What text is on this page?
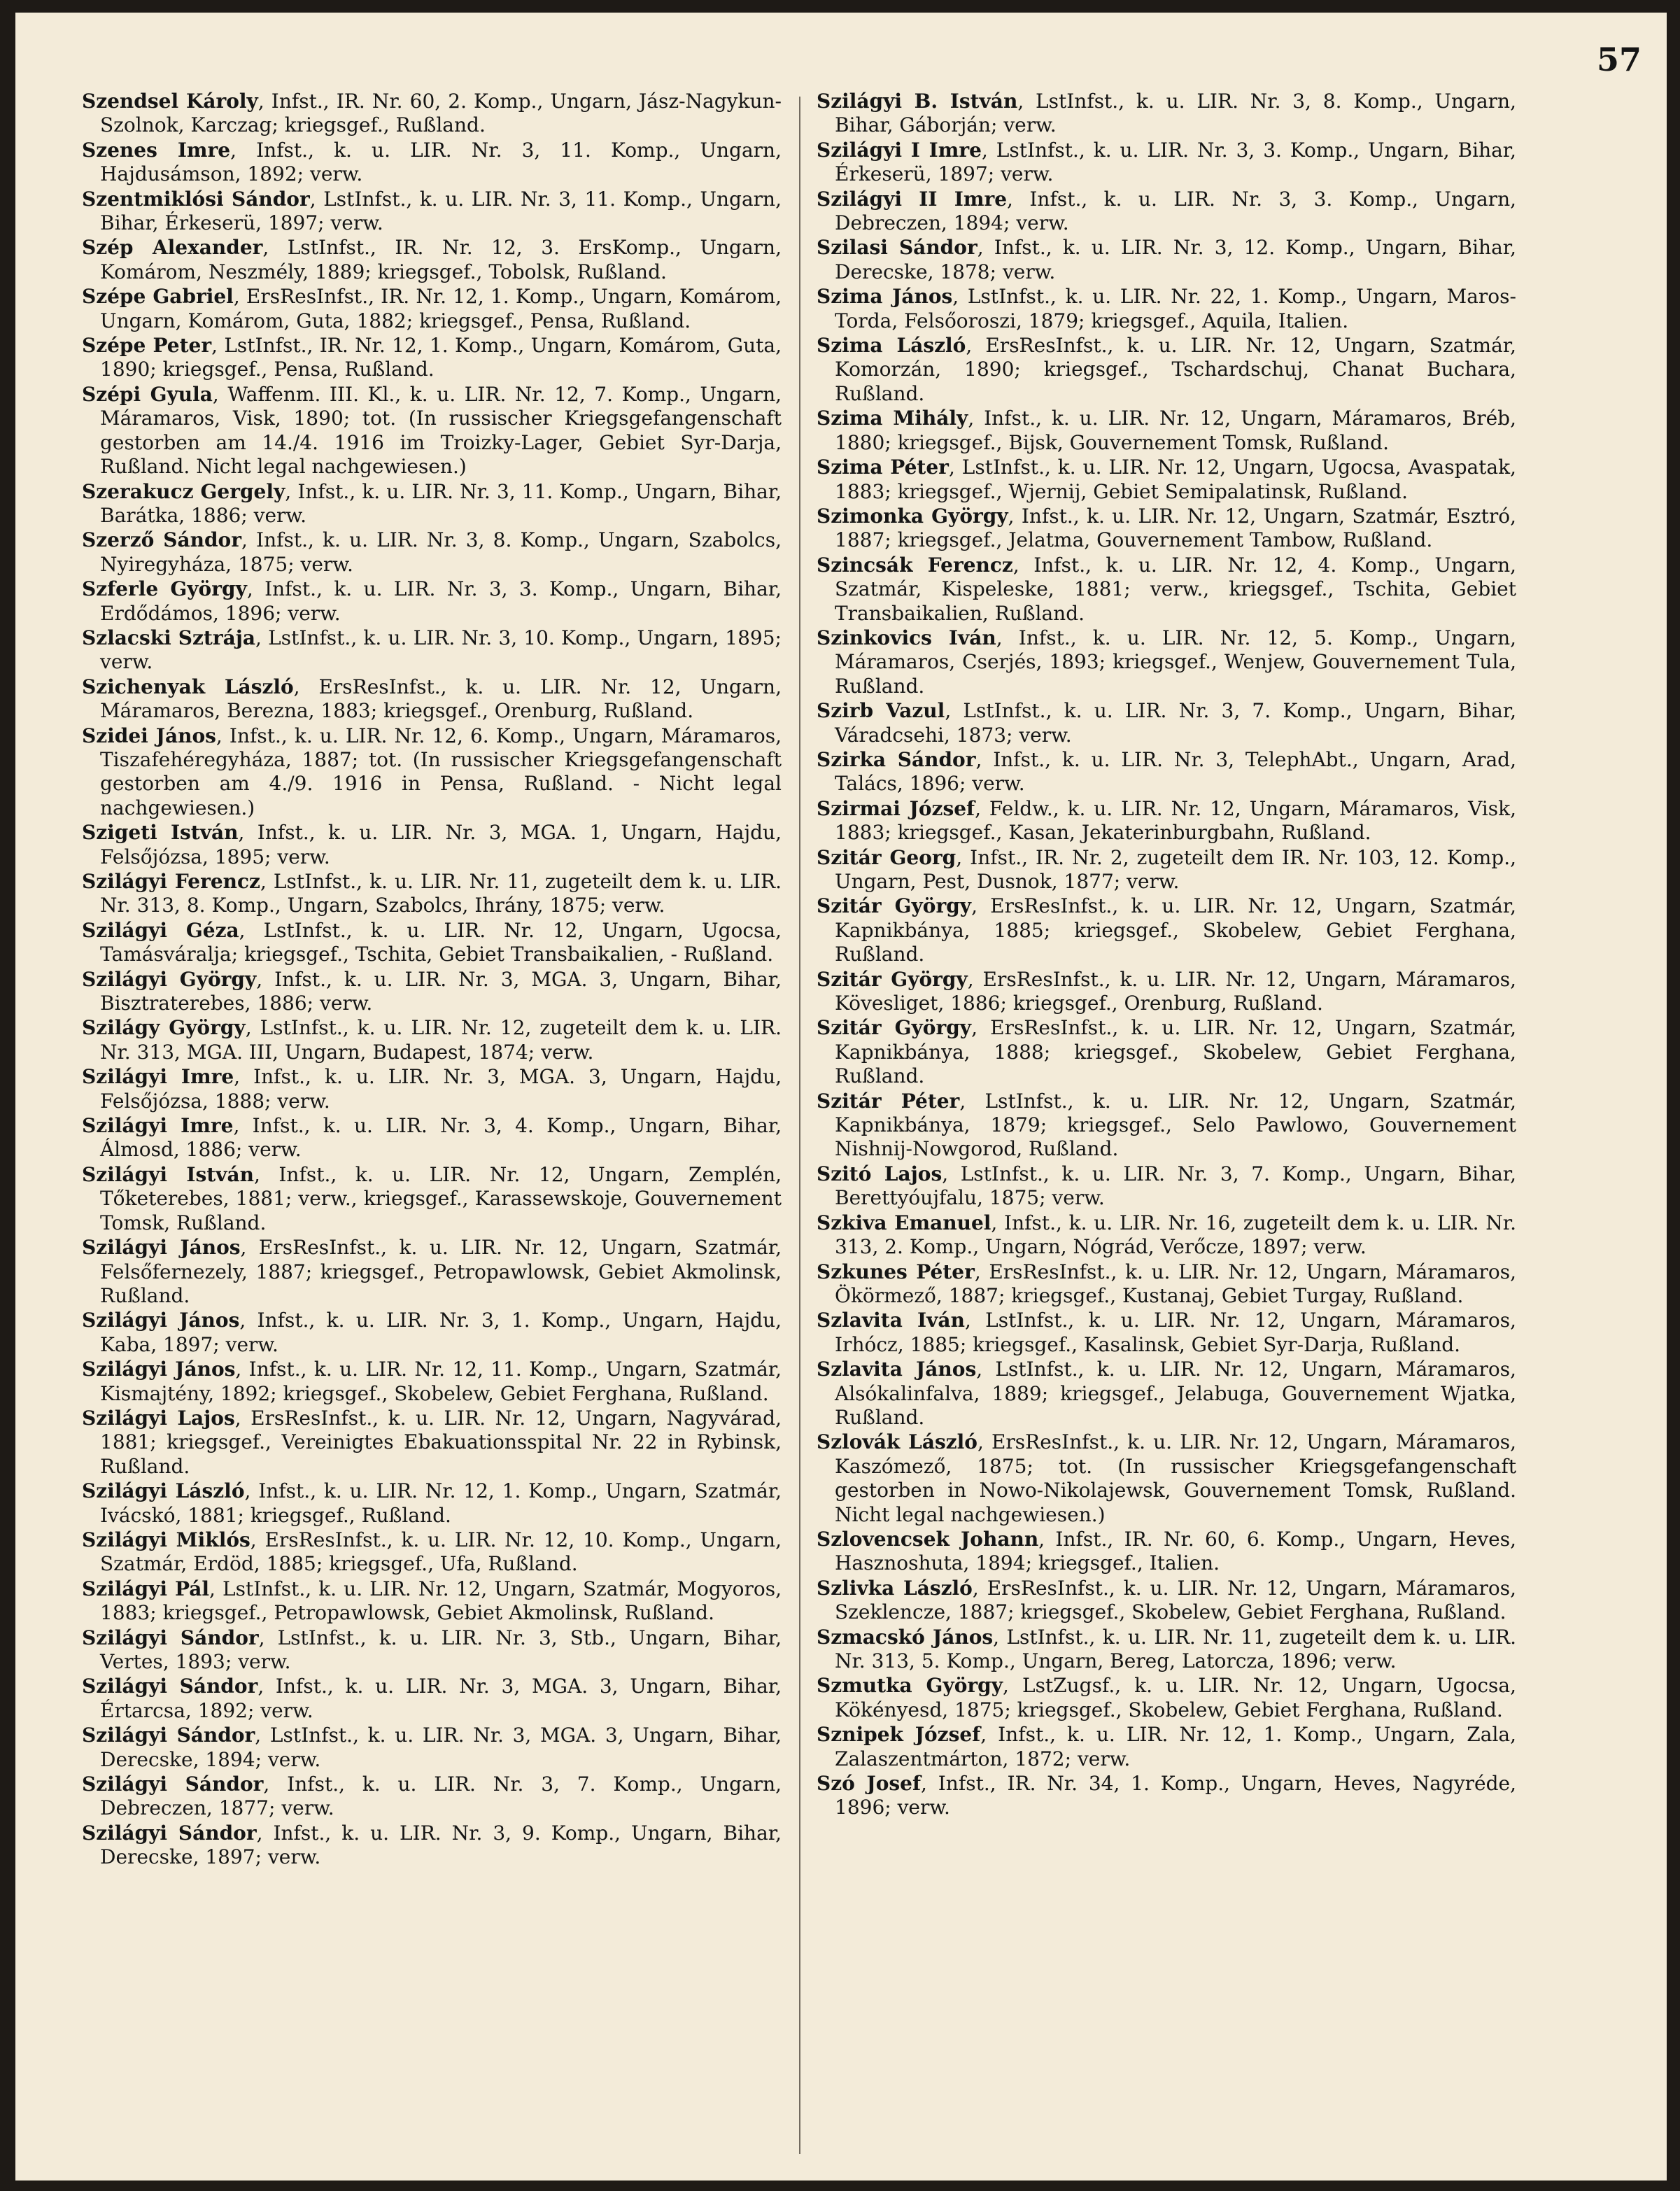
57

Szendsel Károly, Infst., IR. Nr. 60, 2. Komp., Ungarn, Jász-Nagykun-Szolnok, Karczag; kriegsgef., Rußland.

Szenes Imre, Infst., k. u. LIR. Nr. 3, 11. Komp., Ungarn, Hajdusámson, 1892; verw.

Szentmiklósi Sándor, LstInfst., k. u. LIR. Nr. 3, 11. Komp., Ungarn, Bihar, Érkeserü, 1897; verw.

Szép Alexander, LstInfst., IR. Nr. 12, 3. ErsKomp., Ungarn, Komárom, Neszmély, 1889; kriegsgef., Tobolsk, Rußland.

Szépe Gabriel, ErsResInfst., IR. Nr. 12, 1. Komp., Ungarn, Komárom, Ungarn, Komárom, Guta, 1882; kriegsgef., Pensa, Rußland.

Szépe Peter, LstInfst., IR. Nr. 12, 1. Komp., Ungarn, Komárom, Guta, 1890; kriegsgef., Pensa, Rußland.

Szépi Gyula, Waffenm. III. Kl., k. u. LIR. Nr. 12, 7. Komp., Ungarn, Máramaros, Visk, 1890; tot. (In russischer Kriegsgefangenschaft gestorben am 14./4. 1916 im Troizky-Lager, Gebiet Syr-Darja, Rußland. Nicht legal nachgewiesen.)

Szerakucz Gergely, Infst., k. u. LIR. Nr. 3, 11. Komp., Ungarn, Bihar, Barátka, 1886; verw.

Szerző Sándor, Infst., k. u. LIR. Nr. 3, 8. Komp., Ungarn, Szabolcs, Nyiregyháza, 1875; verw.

Szferle György, Infst., k. u. LIR. Nr. 3, 3. Komp., Ungarn, Bihar, Erdődámos, 1896; verw.

Szlacski Sztrája, LstInfst., k. u. LIR. Nr. 3, 10. Komp., Ungarn, 1895; verw.

Szichenyak László, ErsResInfst., k. u. LIR. Nr. 12, Ungarn, Máramaros, Berezna, 1883; kriegsgef., Orenburg, Rußland.

Szidei János, Infst., k. u. LIR. Nr. 12, 6. Komp., Ungarn, Máramaros, Tiszafehéregyháza, 1887; tot. (In russischer Kriegsgefangenschaft gestorben am 4./9. 1916 in Pensa, Rußland. - Nicht legal nachgewiesen.)

Szigeti István, Infst., k. u. LIR. Nr. 3, MGA. 1, Ungarn, Hajdu, Felsőjózsa, 1895; verw.

Szilágyi Ferencz, LstInfst., k. u. LIR. Nr. 11, zugeteilt dem k. u. LIR. Nr. 313, 8. Komp., Ungarn, Szabolcs, Ihrány, 1875; verw.

Szilágyi Géza, LstInfst., k. u. LIR. Nr. 12, Ungarn, Ugocsa, Tamásváralja; kriegsgef., Tschita, Gebiet Transbaikalien, - Rußland.

Szilágyi György, Infst., k. u. LIR. Nr. 3, MGA. 3, Ungarn, Bihar, Bisztraterebes, 1886; verw.

Szilágy György, LstInfst., k. u. LIR. Nr. 12, zugeteilt dem k. u. LIR. Nr. 313, MGA. III, Ungarn, Budapest, 1874; verw.

Szilágyi Imre, Infst., k. u. LIR. Nr. 3, MGA. 3, Ungarn, Hajdu, Felsőjózsa, 1888; verw.

Szilágyi Imre, Infst., k. u. LIR. Nr. 3, 4. Komp., Ungarn, Bihar, Álmosd, 1886; verw.

Szilágyi István, Infst., k. u. LIR. Nr. 12, Ungarn, Zemplén, Tőketerebes, 1881; verw., kriegsgef., Karassewskoje, Gouvernement Tomsk, Rußland.

Szilágyi János, ErsResInfst., k. u. LIR. Nr. 12, Ungarn, Szatmár, Felsőfernezely, 1887; kriegsgef., Petropawlowsk, Gebiet Akmolinsk, Rußland.

Szilágyi János, Infst., k. u. LIR. Nr. 3, 1. Komp., Ungarn, Hajdu, Kaba, 1897; verw.

Szilágyi János, Infst., k. u. LIR. Nr. 12, 11. Komp., Ungarn, Szatmár, Kismajtény, 1892; kriegsgef., Skobelew, Gebiet Ferghana, Rußland.

Szilágyi Lajos, ErsResInfst., k. u. LIR. Nr. 12, Ungarn, Nagyvárad, 1881; kriegsgef., Vereinigtes Ebakuationsspital Nr. 22 in Rybinsk, Rußland.

Szilágyi László, Infst., k. u. LIR. Nr. 12, 1. Komp., Ungarn, Szatmár, Ivácskó, 1881; kriegsgef., Rußland.

Szilágyi Miklós, ErsResInfst., k. u. LIR. Nr. 12, 10. Komp., Ungarn, Szatmár, Erdöd, 1885; kriegsgef., Ufa, Rußland.

Szilágyi Pál, LstInfst., k. u. LIR. Nr. 12, Ungarn, Szatmár, Mogyoros, 1883; kriegsgef., Petropawlowsk, Gebiet Akmolinsk, Rußland.

Szilágyi Sándor, LstInfst., k. u. LIR. Nr. 3, Stb., Ungarn, Bihar, Vertes, 1893; verw.

Szilágyi Sándor, Infst., k. u. LIR. Nr. 3, MGA. 3, Ungarn, Bihar, Értarcsa, 1892; verw.

Szilágyi Sándor, LstInfst., k. u. LIR. Nr. 3, MGA. 3, Ungarn, Bihar, Derecske, 1894; verw.

Szilágyi Sándor, Infst., k. u. LIR. Nr. 3, 7. Komp., Ungarn, Debreczen, 1877; verw.

Szilágyi Sándor, Infst., k. u. LIR. Nr. 3, 9. Komp., Ungarn, Bihar, Derecske, 1897; verw.

Szilágyi B. István, LstInfst., k. u. LIR. Nr. 3, 8. Komp., Ungarn, Bihar, Gáborján; verw.

Szilágyi I Imre, LstInfst., k. u. LIR. Nr. 3, 3. Komp., Ungarn, Bihar, Érkeserü, 1897; verw.

Szilágyi II Imre, Infst., k. u. LIR. Nr. 3, 3. Komp., Ungarn, Debreczen, 1894; verw.

Szilasi Sándor, Infst., k. u. LIR. Nr. 3, 12. Komp., Ungarn, Bihar, Derecske, 1878; verw.

Szima János, LstInfst., k. u. LIR. Nr. 22, 1. Komp., Ungarn, Maros-Torda, Felsőoroszi, 1879; kriegsgef., Aquila, Italien.

Szima László, ErsResInfst., k. u. LIR. Nr. 12, Ungarn, Szatmár, Komorzán, 1890; kriegsgef., Tschardschuj, Chanat Buchara, Rußland.

Szima Mihály, Infst., k. u. LIR. Nr. 12, Ungarn, Máramaros, Bréb, 1880; kriegsgef., Bijsk, Gouvernement Tomsk, Rußland.

Szima Péter, LstInfst., k. u. LIR. Nr. 12, Ungarn, Ugocsa, Avaspatak, 1883; kriegsgef., Wjernij, Gebiet Semipalatinsk, Rußland.

Szimonka György, Infst., k. u. LIR. Nr. 12, Ungarn, Szatmár, Esztró, 1887; kriegsgef., Jelatma, Gouvernement Tambow, Rußland.

Szincsák Ferencz, Infst., k. u. LIR. Nr. 12, 4. Komp., Ungarn, Szatmár, Kispeleske, 1881; verw., kriegsgef., Tschita, Gebiet Transbaikalien, Rußland.

Szinkovics Iván, Infst., k. u. LIR. Nr. 12, 5. Komp., Ungarn, Máramaros, Cserjés, 1893; kriegsgef., Wenjew, Gouvernement Tula, Rußland.

Szirb Vazul, LstInfst., k. u. LIR. Nr. 3, 7. Komp., Ungarn, Bihar, Váradcsehi, 1873; verw.

Szirka Sándor, Infst., k. u. LIR. Nr. 3, TelephAbt., Ungarn, Arad, Talács, 1896; verw.

Szirmai József, Feldw., k. u. LIR. Nr. 12, Ungarn, Máramaros, Visk, 1883; kriegsgef., Kasan, Jekaterinburgbahn, Rußland.

Szitár Georg, Infst., IR. Nr. 2, zugeteilt dem IR. Nr. 103, 12. Komp., Ungarn, Pest, Dusnok, 1877; verw.

Szitár György, ErsResInfst., k. u. LIR. Nr. 12, Ungarn, Szatmár, Kapnikbánya, 1885; kriegsgef., Skobelew, Gebiet Ferghana, Rußland.

Szitár György, ErsResInfst., k. u. LIR. Nr. 12, Ungarn, Máramaros, Kövesliget, 1886; kriegsgef., Orenburg, Rußland.

Szitár György, ErsResInfst., k. u. LIR. Nr. 12, Ungarn, Szatmár, Kapnikbánya, 1888; kriegsgef., Skobelew, Gebiet Ferghana, Rußland.

Szitár Péter, LstInfst., k. u. LIR. Nr. 12, Ungarn, Szatmár, Kapnikbánya, 1879; kriegsgef., Selo Pawlowo, Gouvernement Nishnij-Nowgorod, Rußland.

Szitó Lajos, LstInfst., k. u. LIR. Nr. 3, 7. Komp., Ungarn, Bihar, Berettyóujfalu, 1875; verw.

Szkiva Emanuel, Infst., k. u. LIR. Nr. 16, zugeteilt dem k. u. LIR. Nr. 313, 2. Komp., Ungarn, Nógrád, Verőcze, 1897; verw.

Szkunes Péter, ErsResInfst., k. u. LIR. Nr. 12, Ungarn, Máramaros, Ökörmező, 1887; kriegsgef., Kustanaj, Gebiet Turgay, Rußland.

Szlavita Iván, LstInfst., k. u. LIR. Nr. 12, Ungarn, Máramaros, Irhócz, 1885; kriegsgef., Kasalinsk, Gebiet Syr-Darja, Rußland.

Szlavita János, LstInfst., k. u. LIR. Nr. 12, Ungarn, Máramaros, Alsókalinfalva, 1889; kriegsgef., Jelabuga, Gouvernement Wjatka, Rußland.

Szlovák László, ErsResInfst., k. u. LIR. Nr. 12, Ungarn, Máramaros, Kaszómező, 1875; tot. (In russischer Kriegsgefangenschaft gestorben in Nowo-Nikolajewsk, Gouvernement Tomsk, Rußland. Nicht legal nachgewiesen.)

Szlovencsek Johann, Infst., IR. Nr. 60, 6. Komp., Ungarn, Heves, Hasznoshuta, 1894; kriegsgef., Italien.

Szlivka László, ErsResInfst., k. u. LIR. Nr. 12, Ungarn, Máramaros, Szeklencze, 1887; kriegsgef., Skobelew, Gebiet Ferghana, Rußland.

Szmacskó János, LstInfst., k. u. LIR. Nr. 11, zugeteilt dem k. u. LIR. Nr. 313, 5. Komp., Ungarn, Bereg, Latorcza, 1896; verw.

Szmutka György, LstZugsf., k. u. LIR. Nr. 12, Ungarn, Ugocsa, Kökényesd, 1875; kriegsgef., Skobelew, Gebiet Ferghana, Rußland.

Sznipek József, Infst., k. u. LIR. Nr. 12, 1. Komp., Ungarn, Zala, Zalaszentmárton, 1872; verw.

Szó Josef, Infst., IR. Nr. 34, 1. Komp., Ungarn, Heves, Nagyréde, 1896; verw.
